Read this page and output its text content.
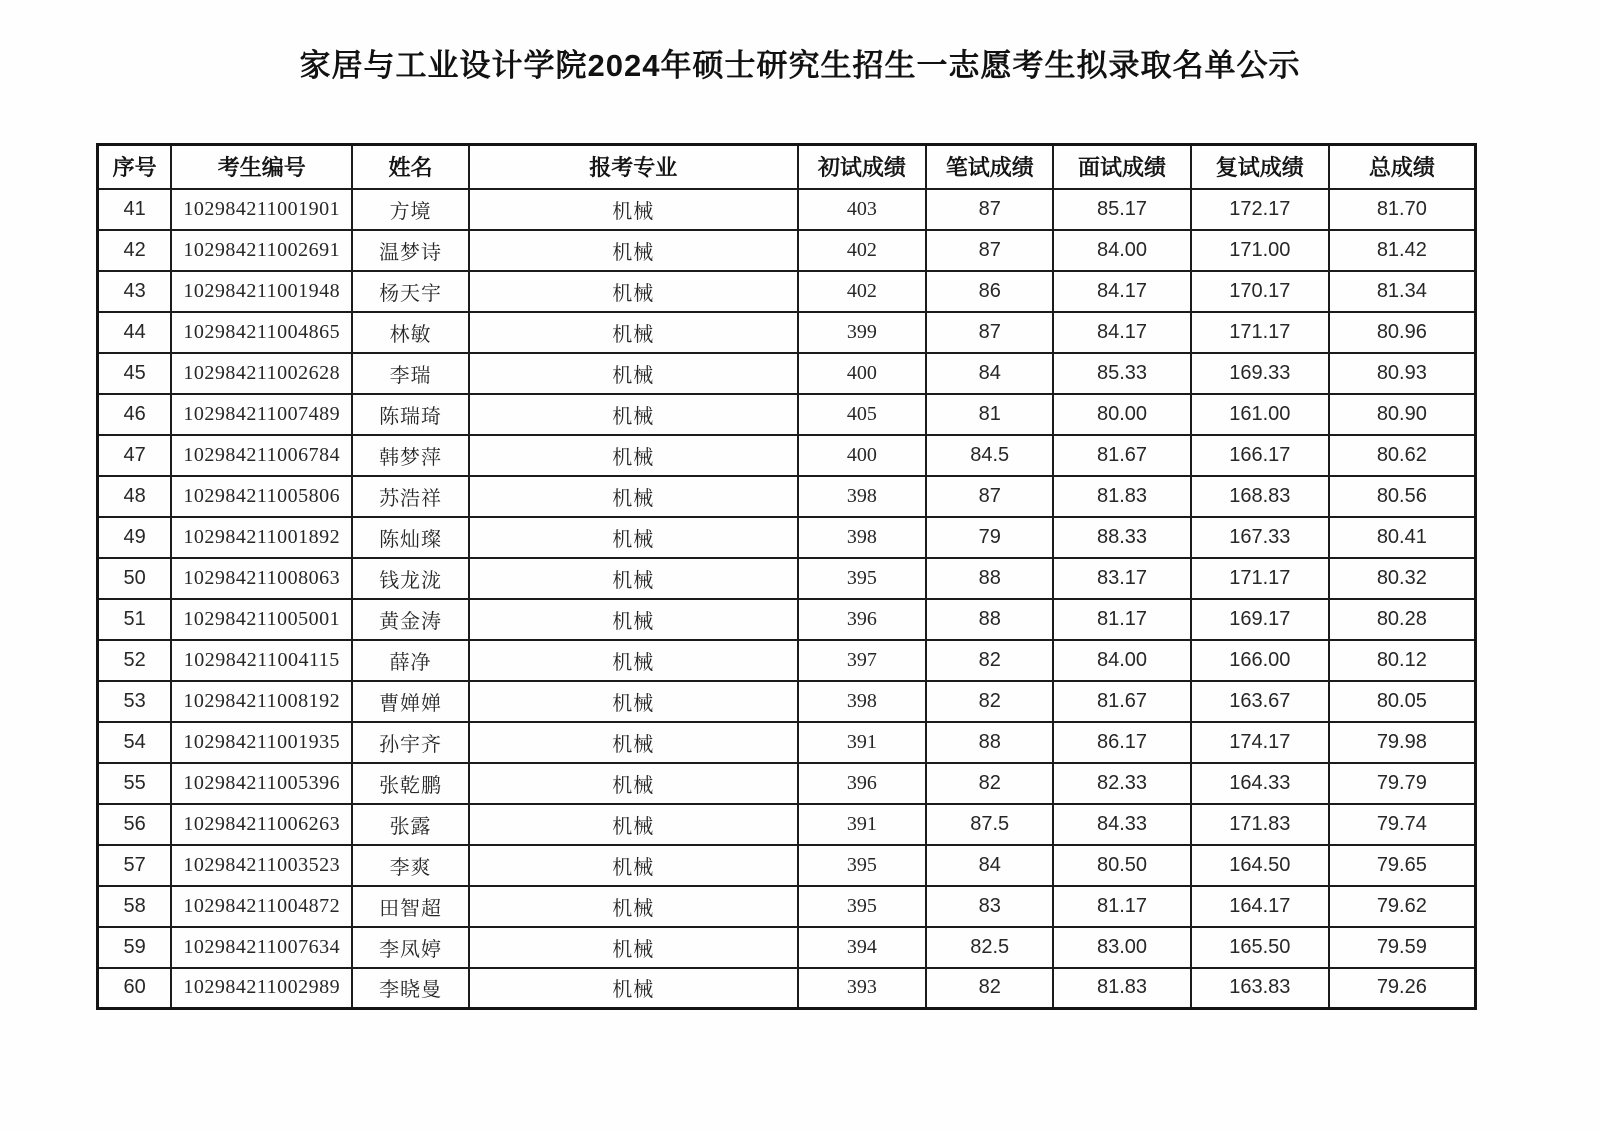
家居与工业设计学院2024年硕士研究生招生一志愿考生拟录取名单公示
序号	考生编号	姓名	报考专业	初试成绩	笔试成绩	面试成绩	复试成绩	总成绩
41	102984211001901	方境	机械	403	87	85.17	172.17	81.70
42	102984211002691	温梦诗	机械	402	87	84.00	171.00	81.42
43	102984211001948	杨天宇	机械	402	86	84.17	170.17	81.34
44	102984211004865	林敏	机械	399	87	84.17	171.17	80.96
45	102984211002628	李瑞	机械	400	84	85.33	169.33	80.93
46	102984211007489	陈瑞琦	机械	405	81	80.00	161.00	80.90
47	102984211006784	韩梦萍	机械	400	84.5	81.67	166.17	80.62
48	102984211005806	苏浩祥	机械	398	87	81.83	168.83	80.56
49	102984211001892	陈灿璨	机械	398	79	88.33	167.33	80.41
50	102984211008063	钱龙泷	机械	395	88	83.17	171.17	80.32
51	102984211005001	黄金涛	机械	396	88	81.17	169.17	80.28
52	102984211004115	薛净	机械	397	82	84.00	166.00	80.12
53	102984211008192	曹婵婵	机械	398	82	81.67	163.67	80.05
54	102984211001935	孙宇齐	机械	391	88	86.17	174.17	79.98
55	102984211005396	张乾鹏	机械	396	82	82.33	164.33	79.79
56	102984211006263	张露	机械	391	87.5	84.33	171.83	79.74
57	102984211003523	李爽	机械	395	84	80.50	164.50	79.65
58	102984211004872	田智超	机械	395	83	81.17	164.17	79.62
59	102984211007634	李凤婷	机械	394	82.5	83.00	165.50	79.59
60	102984211002989	李晓曼	机械	393	82	81.83	163.83	79.26
